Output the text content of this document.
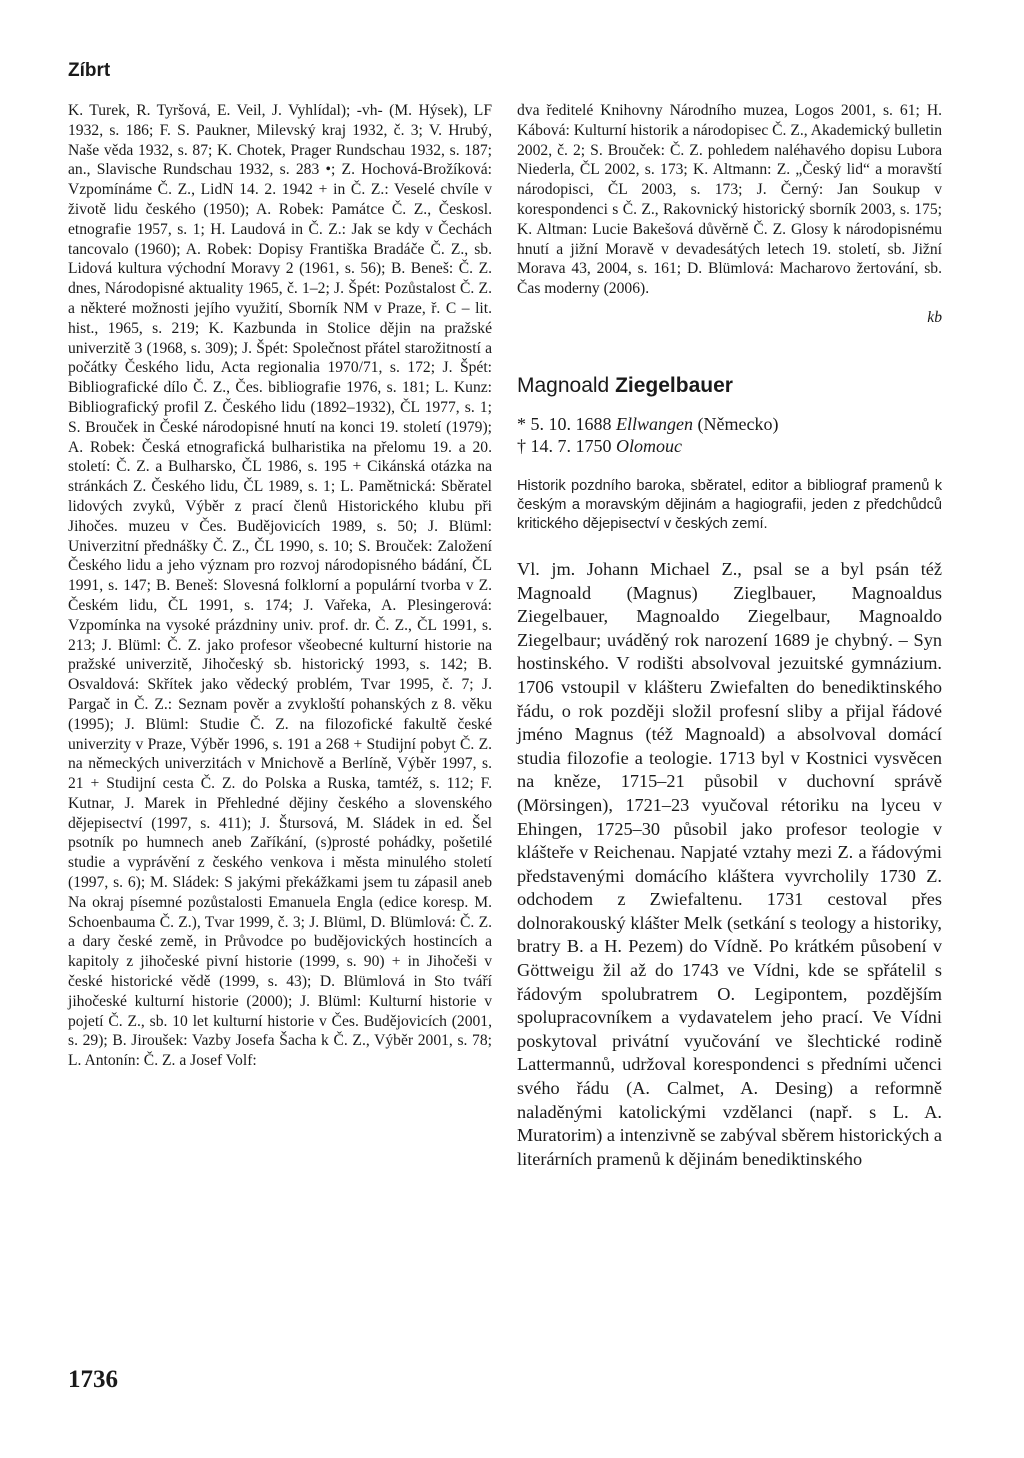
Zíbrt
K. Turek, R. Tyršová, E. Veil, J. Vyhlídal); -vh- (M. Hýsek), LF 1932, s. 186; F. S. Paukner, Milevský kraj 1932, č. 3; V. Hrubý, Naše věda 1932, s. 87; K. Chotek, Prager Rundschau 1932, s. 187; an., Slavische Rundschau 1932, s. 283 •; Z. Hochová-Brožíková: Vzpomínáme Č. Z., LidN 14. 2. 1942 + in Č. Z.: Veselé chvíle v životě lidu českého (1950); A. Robek: Památce Č. Z., Českosl. etnografie 1957, s. 1; H. Laudová in Č. Z.: Jak se kdy v Čechách tancovalo (1960); A. Robek: Dopisy Františka Bradáče Č. Z., sb. Lidová kultura východní Moravy 2 (1961, s. 56); B. Beneš: Č. Z. dnes, Národopisné aktuality 1965, č. 1–2; J. Špét: Pozůstalost Č. Z. a některé možnosti jejího využití, Sborník NM v Praze, ř. C – lit. hist., 1965, s. 219; K. Kazbunda in Stolice dějin na pražské univerzitě 3 (1968, s. 309); J. Špét: Společnost přátel starožitností a počátky Českého lidu, Acta regionalia 1970/71, s. 172; J. Špét: Bibliografické dílo Č. Z., Čes. bibliografie 1976, s. 181; L. Kunz: Bibliografický profil Z. Českého lidu (1892–1932), ČL 1977, s. 1; S. Brouček in České národopisné hnutí na konci 19. století (1979); A. Robek: Česká etnografická bulharistika na přelomu 19. a 20. století: Č. Z. a Bulharsko, ČL 1986, s. 195 + Cikánská otázka na stránkách Z. Českého lidu, ČL 1989, s. 1; L. Pamětnická: Sběratel lidových zvyků, Výběr z prací členů Historického klubu při Jihočes. muzeu v Čes. Budějovicích 1989, s. 50; J. Blüml: Univerzitní přednášky Č. Z., ČL 1990, s. 10; S. Brouček: Založení Českého lidu a jeho význam pro rozvoj národopisného bádání, ČL 1991, s. 147; B. Beneš: Slovesná folklorní a populární tvorba v Z. Českém lidu, ČL 1991, s. 174; J. Vařeka, A. Plesingerová: Vzpomínka na vysoké prázdniny univ. prof. dr. Č. Z., ČL 1991, s. 213; J. Blüml: Č. Z. jako profesor všeobecné kulturní historie na pražské univerzitě, Jihočeský sb. historický 1993, s. 142; B. Osvaldová: Skřítek jako vědecký problém, Tvar 1995, č. 7; J. Pargač in Č. Z.: Seznam pověr a zvykloští pohanských z 8. věku (1995); J. Blüml: Studie Č. Z. na filozofické fakultě české univerzity v Praze, Výběr 1996, s. 191 a 268 + Studijní pobyt Č. Z. na německých univerzitách v Mnichově a Berlíně, Výběr 1997, s. 21 + Studijní cesta Č. Z. do Polska a Ruska, tamtéž, s. 112; F. Kutnar, J. Marek in Přehledné dějiny českého a slovenského dějepisectví (1997, s. 411); J. Štursová, M. Sládek in ed. Šel psotník po humnech aneb Zaříkání, (s)prosté pohádky, pošetilé studie a vyprávění z českého venkova i města minulého století (1997, s. 6); M. Sládek: S jakými překážkami jsem tu zápasil aneb Na okraj písemné pozůstalosti Emanuela Engla (edice koresp. M. Schoenbauma Č. Z.), Tvar 1999, č. 3; J. Blüml, D. Blümlová: Č. Z. a dary české země, in Průvodce po budějovických hostincích a kapitoly z jihočeské pivní historie (1999, s. 90) + in Jihočeši v české historické vědě (1999, s. 43); D. Blümlová in Sto tváří jihočeské kulturní historie (2000); J. Blüml: Kulturní historie v pojetí Č. Z., sb. 10 let kulturní historie v Čes. Budějovicích (2001, s. 29); B. Jiroušek: Vazby Josefa Šacha k Č. Z., Výběr 2001, s. 78; L. Antonín: Č. Z. a Josef Volf:
dva ředitelé Knihovny Národního muzea, Logos 2001, s. 61; H. Kábová: Kulturní historik a národopisec Č. Z., Akademický bulletin 2002, č. 2; S. Brouček: Č. Z. pohledem naléhavého dopisu Lubora Niederla, ČL 2002, s. 173; K. Altmann: Z. „Český lid“ a moravští národopisci, ČL 2003, s. 173; J. Černý: Jan Soukup v korespondenci s Č. Z., Rakovnický historický sborník 2003, s. 175; K. Altman: Lucie Bakešová důvěrně Č. Z. Glosy k národopisnému hnutí a jižní Moravě v devadesátých letech 19. století, sb. Jižní Morava 43, 2004, s. 161; D. Blümlová: Macharovo žertování, sb. Čas moderny (2006).
kb
Magnoald Ziegelbauer
* 5. 10. 1688 Ellwangen (Německo)
† 14. 7. 1750 Olomouc
Historik pozdního baroka, sběratel, editor a bibliograf pramenů k českým a moravským dějinám a hagiografii, jeden z předchůdců kritického dějepisectví v českých zemí.
Vl. jm. Johann Michael Z., psal se a byl psán též Magnoald (Magnus) Zieglbauer, Magnoaldus Ziegelbauer, Magnoaldo Ziegelbaur, Magnoaldo Ziegelbaur; uváděný rok narození 1689 je chybný. – Syn hostinského. V rodišti absolvoval jezuitské gymnázium. 1706 vstoupil v klášteru Zwiefalten do benediktinského řádu, o rok později složil profesní sliby a přijal řádové jméno Magnus (též Magnoald) a absolvoval domácí studia filozofie a teologie. 1713 byl v Kostnici vysvěcen na kněze, 1715–21 působil v duchovní správě (Mörsingen), 1721–23 vyučoval rétoriku na lyceu v Ehingen, 1725–30 působil jako profesor teologie v klášteře v Reichenau. Napjaté vztahy mezi Z. a řádovými představenými domácího kláštera vyvrcholily 1730 Z. odchodem z Zwiefaltenu. 1731 cestoval přes dolnorakouský klášter Melk (setkání s teology a historiky, bratry B. a H. Pezem) do Vídně. Po krátkém působení v Göttweigu žil až do 1743 ve Vídni, kde se spřátelil s řádovým spolubratrem O. Legipontem, pozdějším spolupracovníkem a vydavatelem jeho prací. Ve Vídni poskytoval privátní vyučování ve šlechtické rodině Lattermannů, udržoval korespondenci s předními učenci svého řádu (A. Calmet, A. Desing) a reformně naladěnými katolickými vzdělanci (např. s L. A. Muratorim) a intenzivně se zabýval sběrem historických a literárních pramenů k dějinám benediktinského
1736
